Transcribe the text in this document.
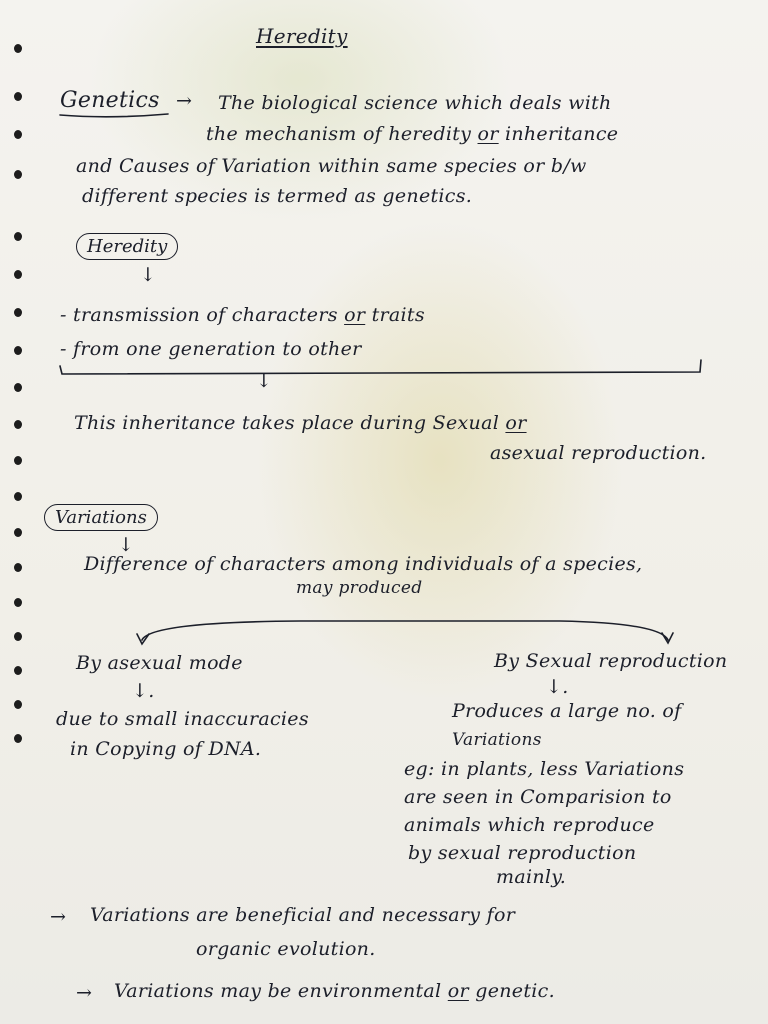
Heredity
Genetics → The biological science which deals with
the mechanism of heredity or inheritance
and Causes of Variation within same species or b/w
different species is termed as genetics.
Heredity
↓
- transmission of characters or traits
- from one generation to other
↓
This inheritance takes place during Sexual or
asexual reproduction.
Variations
↓
Difference of characters among individuals of a species,
may produced
By asexual mode
↓.
due to small inaccuracies
in Copying of DNA.
By Sexual reproduction
↓.
Produces a large no. of
Variations
eg: in plants, less Variations
are seen in Comparision to
animals which reproduce
by sexual reproduction
mainly.
→ Variations are beneficial and necessary for
organic evolution.
→ Variations may be environmental or genetic.
